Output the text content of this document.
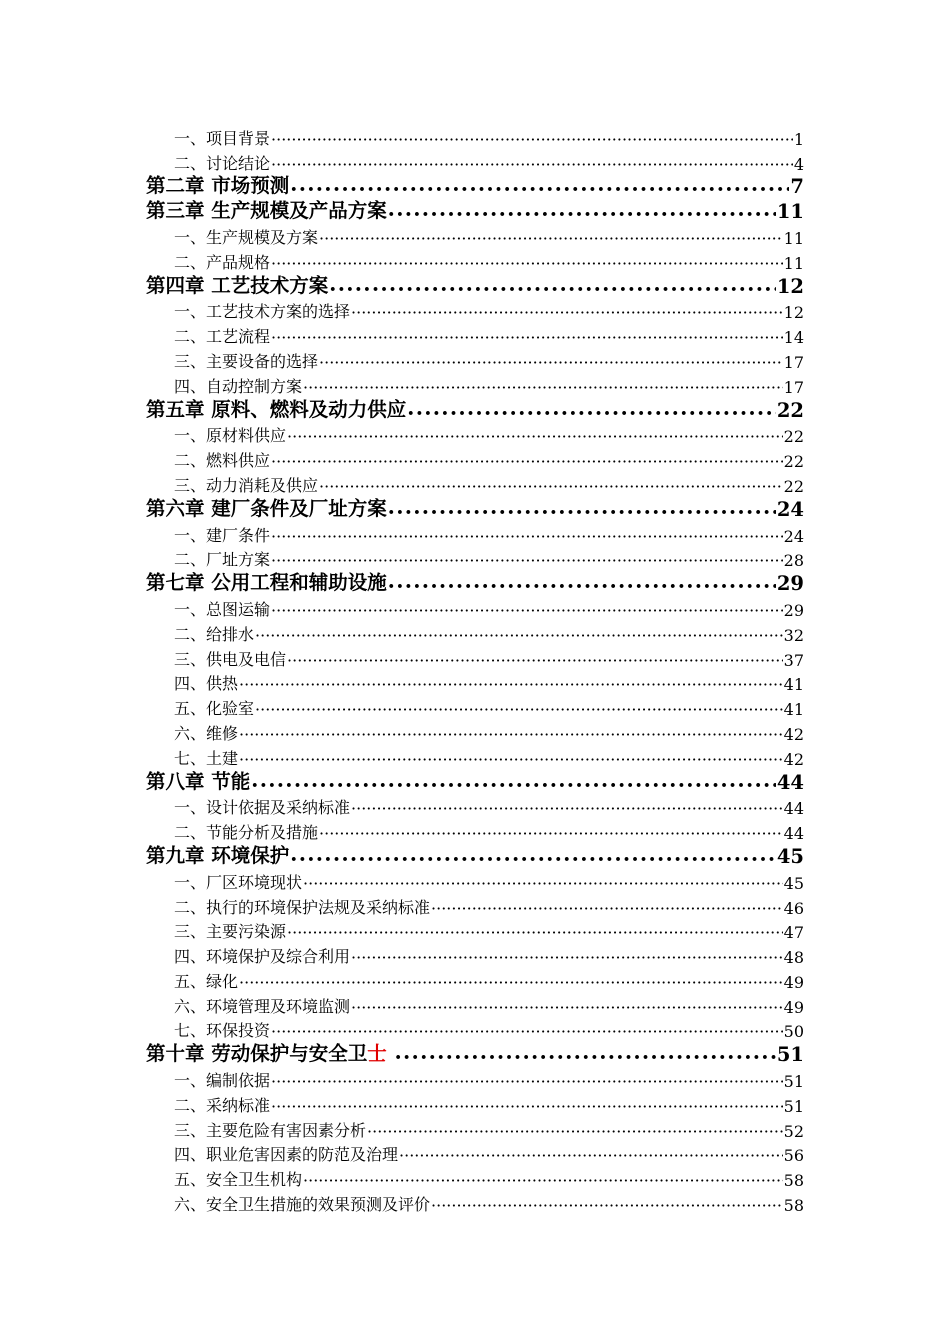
一、项目背景 ·····	1
二、讨论结论 ·····	4
第二章 市场预测 •••••	7
第三章 生产规模及产品方案 •••••	11
一、生产规模及方案 ·····	11
二、产品规格 ·····	11
第四章 工艺技术方案 •••••	12
一、工艺技术方案的选择 ·····	12
二、工艺流程 ·····	14
三、主要设备的选择 ·····	17
四、自动控制方案 ·····	17
第五章 原料、燃料及动力供应 •••••	22
一、原材料供应 ·····	22
二、燃料供应 ·····	22
三、动力消耗及供应 ·····	22
第六章 建厂条件及厂址方案 •••••	24
一、建厂条件 ·····	24
二、厂址方案 ·····	28
第七章 公用工程和辅助设施 •••••	29
一、总图运输 ·····	29
二、给排水 ·····	32
三、供电及电信 ·····	37
四、供热 ·····	41
五、化验室 ·····	41
六、维修 ·····	42
七、土建 ·····	42
第八章 节能 •••••	44
一、设计依据及采纳标准 ·····	44
二、节能分析及措施 ·····	44
第九章 环境保护 •••••	45
一、厂区环境现状 ·····	45
二、执行的环境保护法规及采纳标准 ·····	46
三、主要污染源 ·····	47
四、环境保护及综合利用 ·····	48
五、绿化 ·····	49
六、环境管理及环境监测 ·····	49
七、环保投资 ·····	50
第十章 劳动保护与安全卫士 •••••	51
一、编制依据 ·····	51
二、采纳标准 ·····	51
三、主要危险有害因素分析 ·····	52
四、职业危害因素的防范及治理 ·····	56
五、安全卫生机构 ·····	58
六、安全卫生措施的效果预测及评价 ·····	58
